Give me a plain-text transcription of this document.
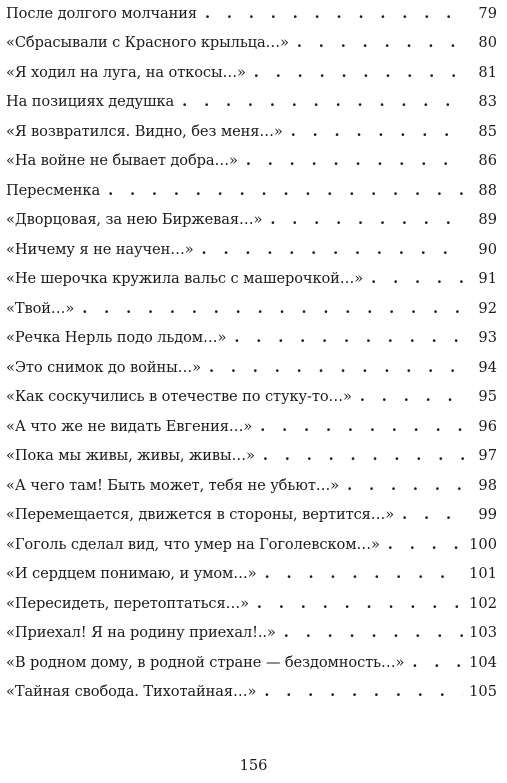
После долгого молчания . .	79
«Сбрасывали с Красного крыльца…» . .	80
«Я ходил на луга, на откосы…» . .	81
На позициях дедушка . .	83
«Я возвратился. Видно, без меня…» . .	85
«На войне не бывает добра…» . .	86
Пересменка . .	88
«Дворцовая, за нею Биржевая…» . .	89
«Ничему я не научен…» . .	90
«Не шерочка кружила вальс с машерочкой…» . .	91
«Твой…» . .	92
«Речка Нерль подо льдом…» . .	93
«Это снимок до войны…» . .	94
«Как соскучились в отечестве по стуку-то…» . .	95
«А что же не видать Евгения…» . .	96
«Пока мы живы, живы, живы…» . .	97
«А чего там! Быть может, тебя не убьют…» . .	98
«Перемещается, движется в стороны, вертится…» . .	99
«Гоголь сделал вид, что умер на Гоголевском…» . .	100
«И сердцем понимаю, и умом…» . .	101
«Пересидеть, перетоптаться…» . .	102
«Приехал! Я на родину приехал!..» . .	103
«В родном дому, в родной стране — бездомность…» . .	104
«Тайная свобода. Тихотайная…» . .	105
156
